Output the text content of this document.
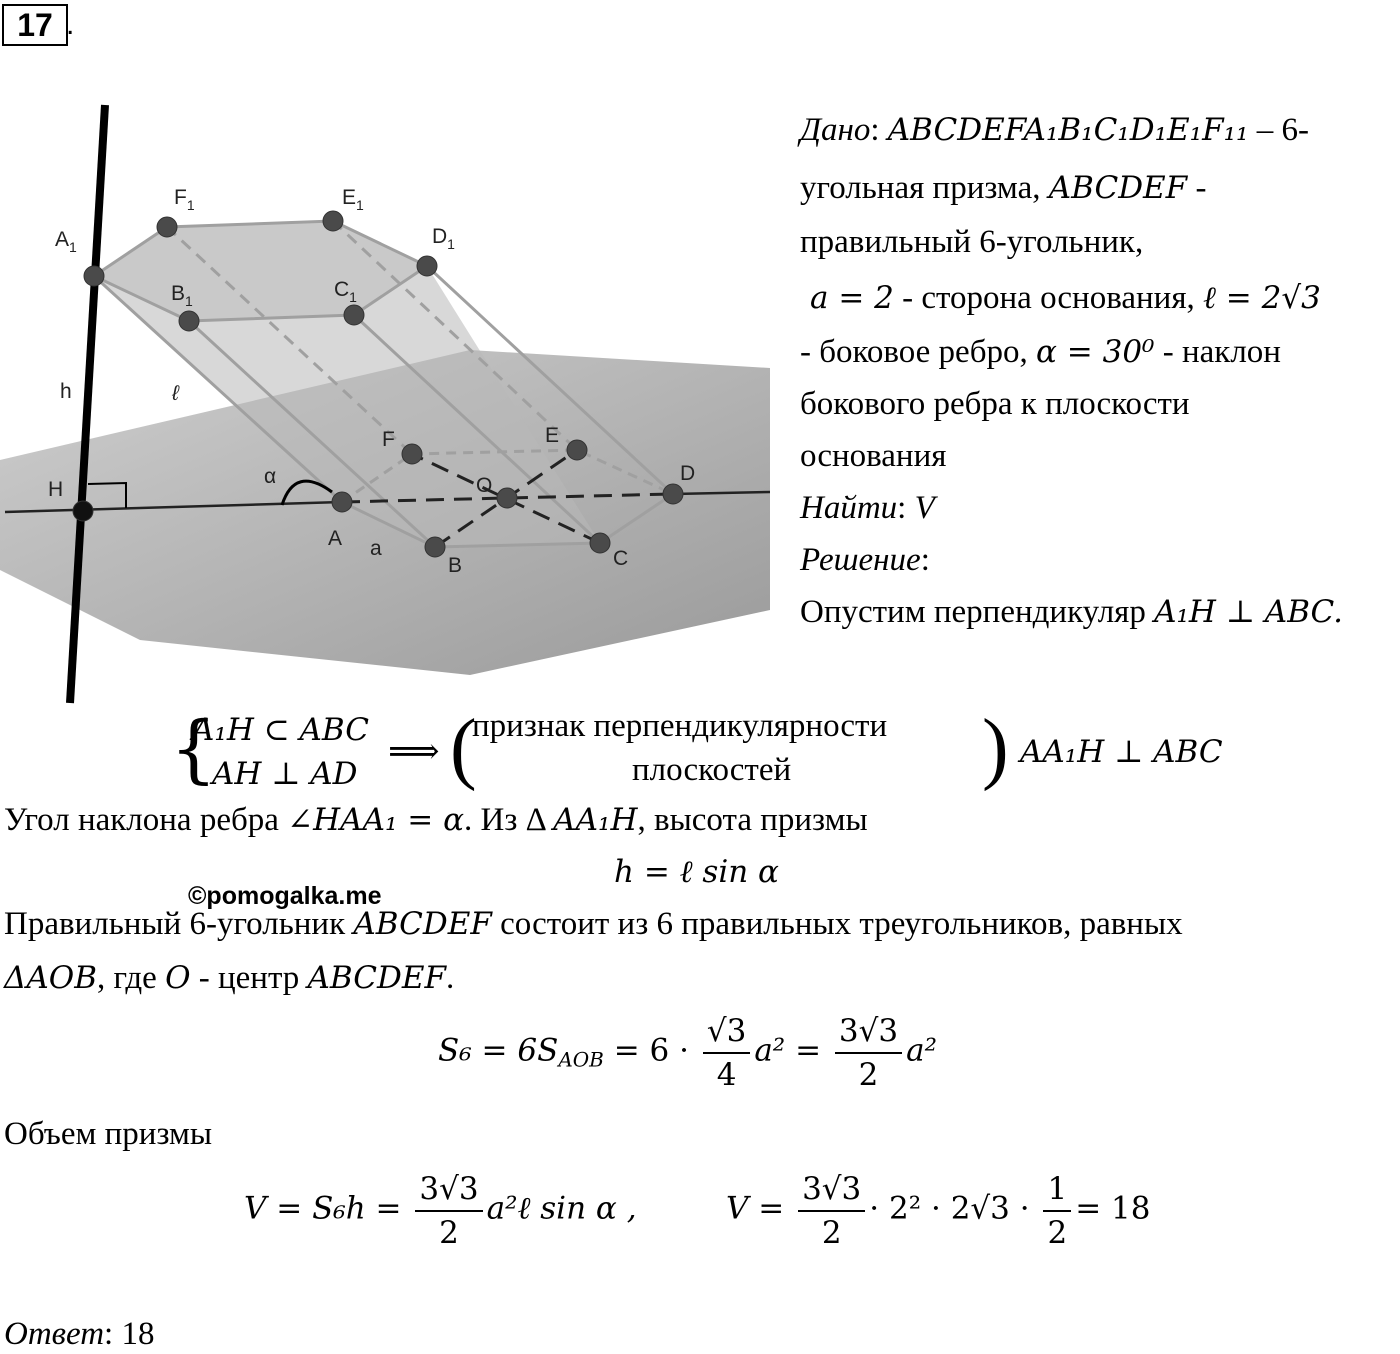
17 .
$A_1$
$F_1$	$E_1$
$D_1$
$C_1$
$B_1$
A
B	C
D
E
F
O
H
h	ℓ
α
a
Дано: ABCDEFA₁B₁C₁D₁E₁F₁₁ – 6-
угольная призма, ABCDEF -
правильный 6-угольник,
a = 2 - сторона основания, ℓ = 2√3
- боковое ребро, α = 30⁰ - наклон
бокового ребра к плоскости
основания
Найти: V
Решение:
Опустим перпендикуляр A₁H ⊥ ABC.
{
A₁H ⊂ ABC
AH ⊥ AD
⟹ (
признак перпендикулярности
плоскостей ) AA₁H ⊥ ABC
Угол наклона ребра ∠HAA₁ = α. Из Δ AA₁H, высота призмы
h = ℓ sin α
©pomogalka.me
Правильный 6-угольник ABCDEF состоит из 6 правильных треугольников, равных
ΔAOB, где O - центр ABCDEF.
$S_6 = 6S_{AOB} = 6 \cdot \frac{√3}{4} a^2 = \frac{3√3}{2} a^2$
Объем призмы
$V = S_6h = \frac{3√3}{2}$ a²ℓ sin α ,	$V = \frac{3√3}{2} \cdot 2^2 \cdot 2√3 \cdot \frac{1}{2} = 18$
Ответ: 18
